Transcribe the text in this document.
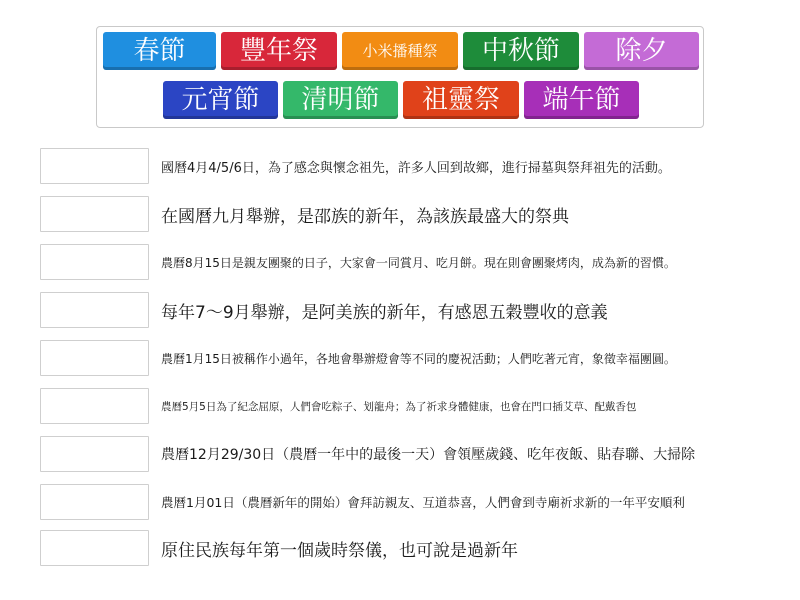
春節 豐年祭	小米播種祭 中秋節 除夕
元宵節 清明節 祖靈祭 端午節
國曆4月4/5/6日，為了感念與懷念祖先，許多人回到故鄉，進行掃墓與祭拜祖先的活動。
在國曆九月舉辦，是邵族的新年，為該族最盛大的祭典
農曆8月15日是親友團聚的日子，大家會一同賞月、吃月餅。現在則會團聚烤肉，成為新的習慣。
每年7～9月舉辦，是阿美族的新年，有感恩五穀豐收的意義
農曆1月15日被稱作小過年，各地會舉辦燈會等不同的慶祝活動；人們吃著元宵，象徵幸福團圓。
農曆5月5日為了紀念屈原，人們會吃粽子、划龍舟；為了祈求身體健康，也會在門口插艾草、配戴香包
農曆12月29/30日（農曆一年中的最後一天）會領壓歲錢、吃年夜飯、貼春聯、大掃除
農曆1月01日（農曆新年的開始）會拜訪親友、互道恭喜，人們會到寺廟祈求新的一年平安順利
原住民族每年第一個歲時祭儀，也可說是過新年
